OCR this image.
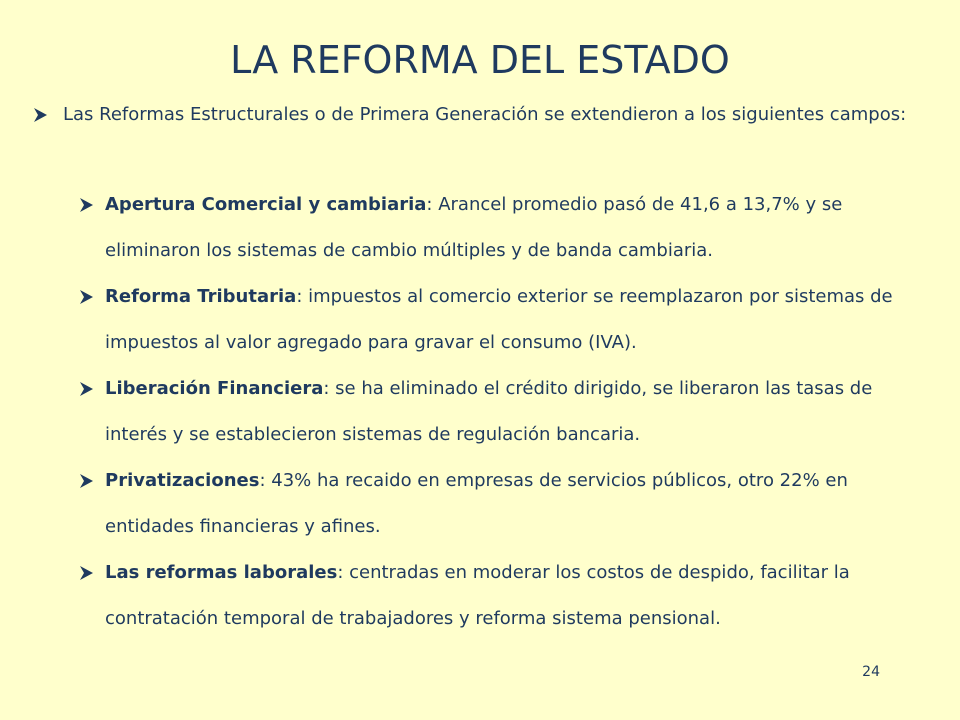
LA REFORMA DEL ESTADO
Las Reformas Estructurales o de Primera Generación se extendieron a los siguientes campos:
Apertura Comercial y cambiaria: Arancel promedio pasó de 41,6 a 13,7% y se eliminaron los sistemas de cambio múltiples y de banda cambiaria.
Reforma Tributaria: impuestos al comercio exterior se reemplazaron por sistemas de impuestos al valor agregado para gravar el consumo (IVA).
Liberación Financiera: se ha eliminado el crédito dirigido, se liberaron las tasas de interés y se establecieron sistemas de regulación bancaria.
Privatizaciones: 43% ha recaido en empresas de servicios públicos, otro 22% en entidades financieras y afines.
Las reformas laborales: centradas en moderar los costos de despido, facilitar la contratación temporal de trabajadores y reforma sistema pensional.
24
